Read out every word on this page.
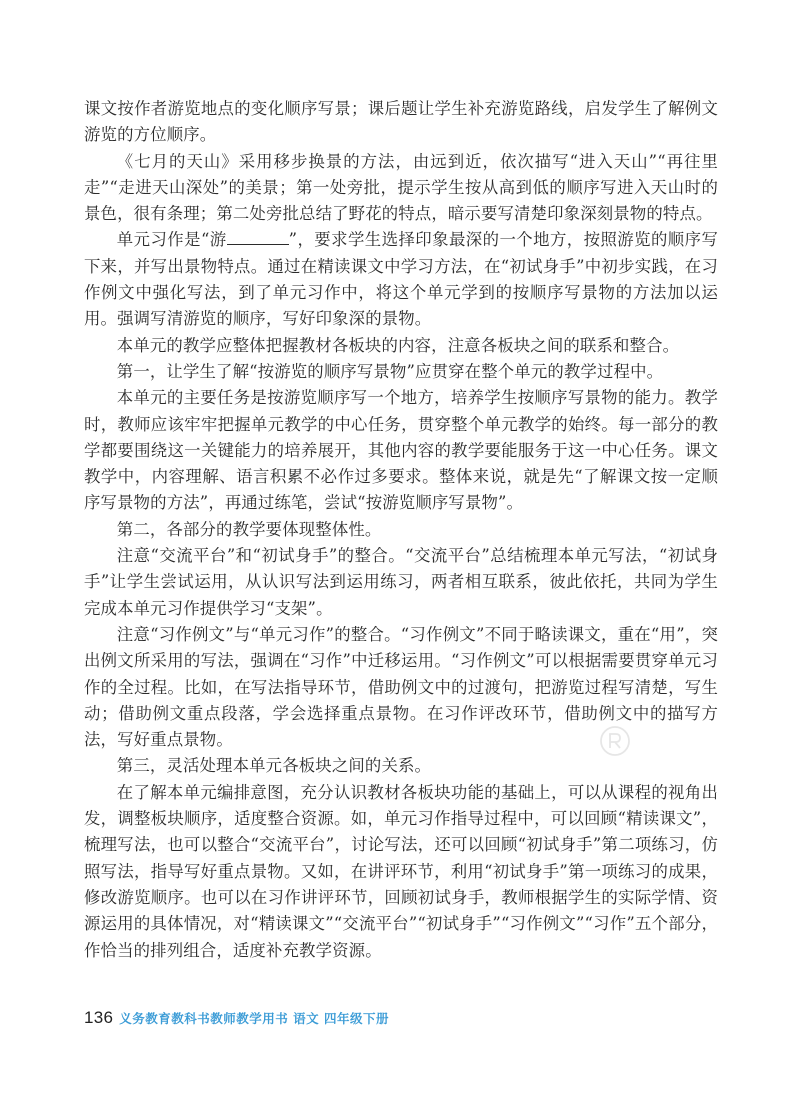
课文按作者游览地点的变化顺序写景；课后题让学生补充游览路线，启发学生了解例文游览的方位顺序。

《七月的天山》采用移步换景的方法，由远到近，依次描写“进入天山”“再往里走”“走进天山深处”的美景；第一处旁批，提示学生按从高到低的顺序写进入天山时的景色，很有条理；第二处旁批总结了野花的特点，暗示要写清楚印象深刻景物的特点。

单元习作是“游	”，要求学生选择印象最深的一个地方，按照游览的顺序写下来，并写出景物特点。通过在精读课文中学习方法，在“初试身手”中初步实践，在习作例文中强化写法，到了单元习作中，将这个单元学到的按顺序写景物的方法加以运用。强调写清游览的顺序，写好印象深的景物。

本单元的教学应整体把握教材各板块的内容，注意各板块之间的联系和整合。

第一，让学生了解“按游览的顺序写景物”应贯穿在整个单元的教学过程中。

本单元的主要任务是按游览顺序写一个地方，培养学生按顺序写景物的能力。教学时，教师应该牢牢把握单元教学的中心任务，贯穿整个单元教学的始终。每一部分的教学都要围绕这一关键能力的培养展开，其他内容的教学要能服务于这一中心任务。课文教学中，内容理解、语言积累不必作过多要求。整体来说，就是先“了解课文按一定顺序写景物的方法”，再通过练笔，尝试“按游览顺序写景物”。

第二，各部分的教学要体现整体性。

注意“交流平台”和“初试身手”的整合。“交流平台”总结梳理本单元写法，“初试身手”让学生尝试运用，从认识写法到运用练习，两者相互联系，彼此依托，共同为学生完成本单元习作提供学习“支架”。

注意“习作例文”与“单元习作”的整合。“习作例文”不同于略读课文，重在“用”，突出例文所采用的写法，强调在“习作”中迁移运用。“习作例文”可以根据需要贯穿单元习作的全过程。比如，在写法指导环节，借助例文中的过渡句，把游览过程写清楚，写生动；借助例文重点段落，学会选择重点景物。在习作评改环节，借助例文中的描写方法，写好重点景物。

第三，灵活处理本单元各板块之间的关系。

在了解本单元编排意图，充分认识教材各板块功能的基础上，可以从课程的视角出发，调整板块顺序，适度整合资源。如，单元习作指导过程中，可以回顾“精读课文”，梳理写法，也可以整合“交流平台”，讨论写法，还可以回顾“初试身手”第二项练习，仿照写法，指导写好重点景物。又如，在讲评环节，利用“初试身手”第一项练习的成果，修改游览顺序。也可以在习作讲评环节，回顾初试身手，教师根据学生的实际学情、资源运用的具体情况，对“精读课文”“交流平台”“初试身手”“习作例文”“习作”五个部分，作恰当的排列组合，适度补充教学资源。

136 义务教育教科书教师教学用书 语文 四年级下册
